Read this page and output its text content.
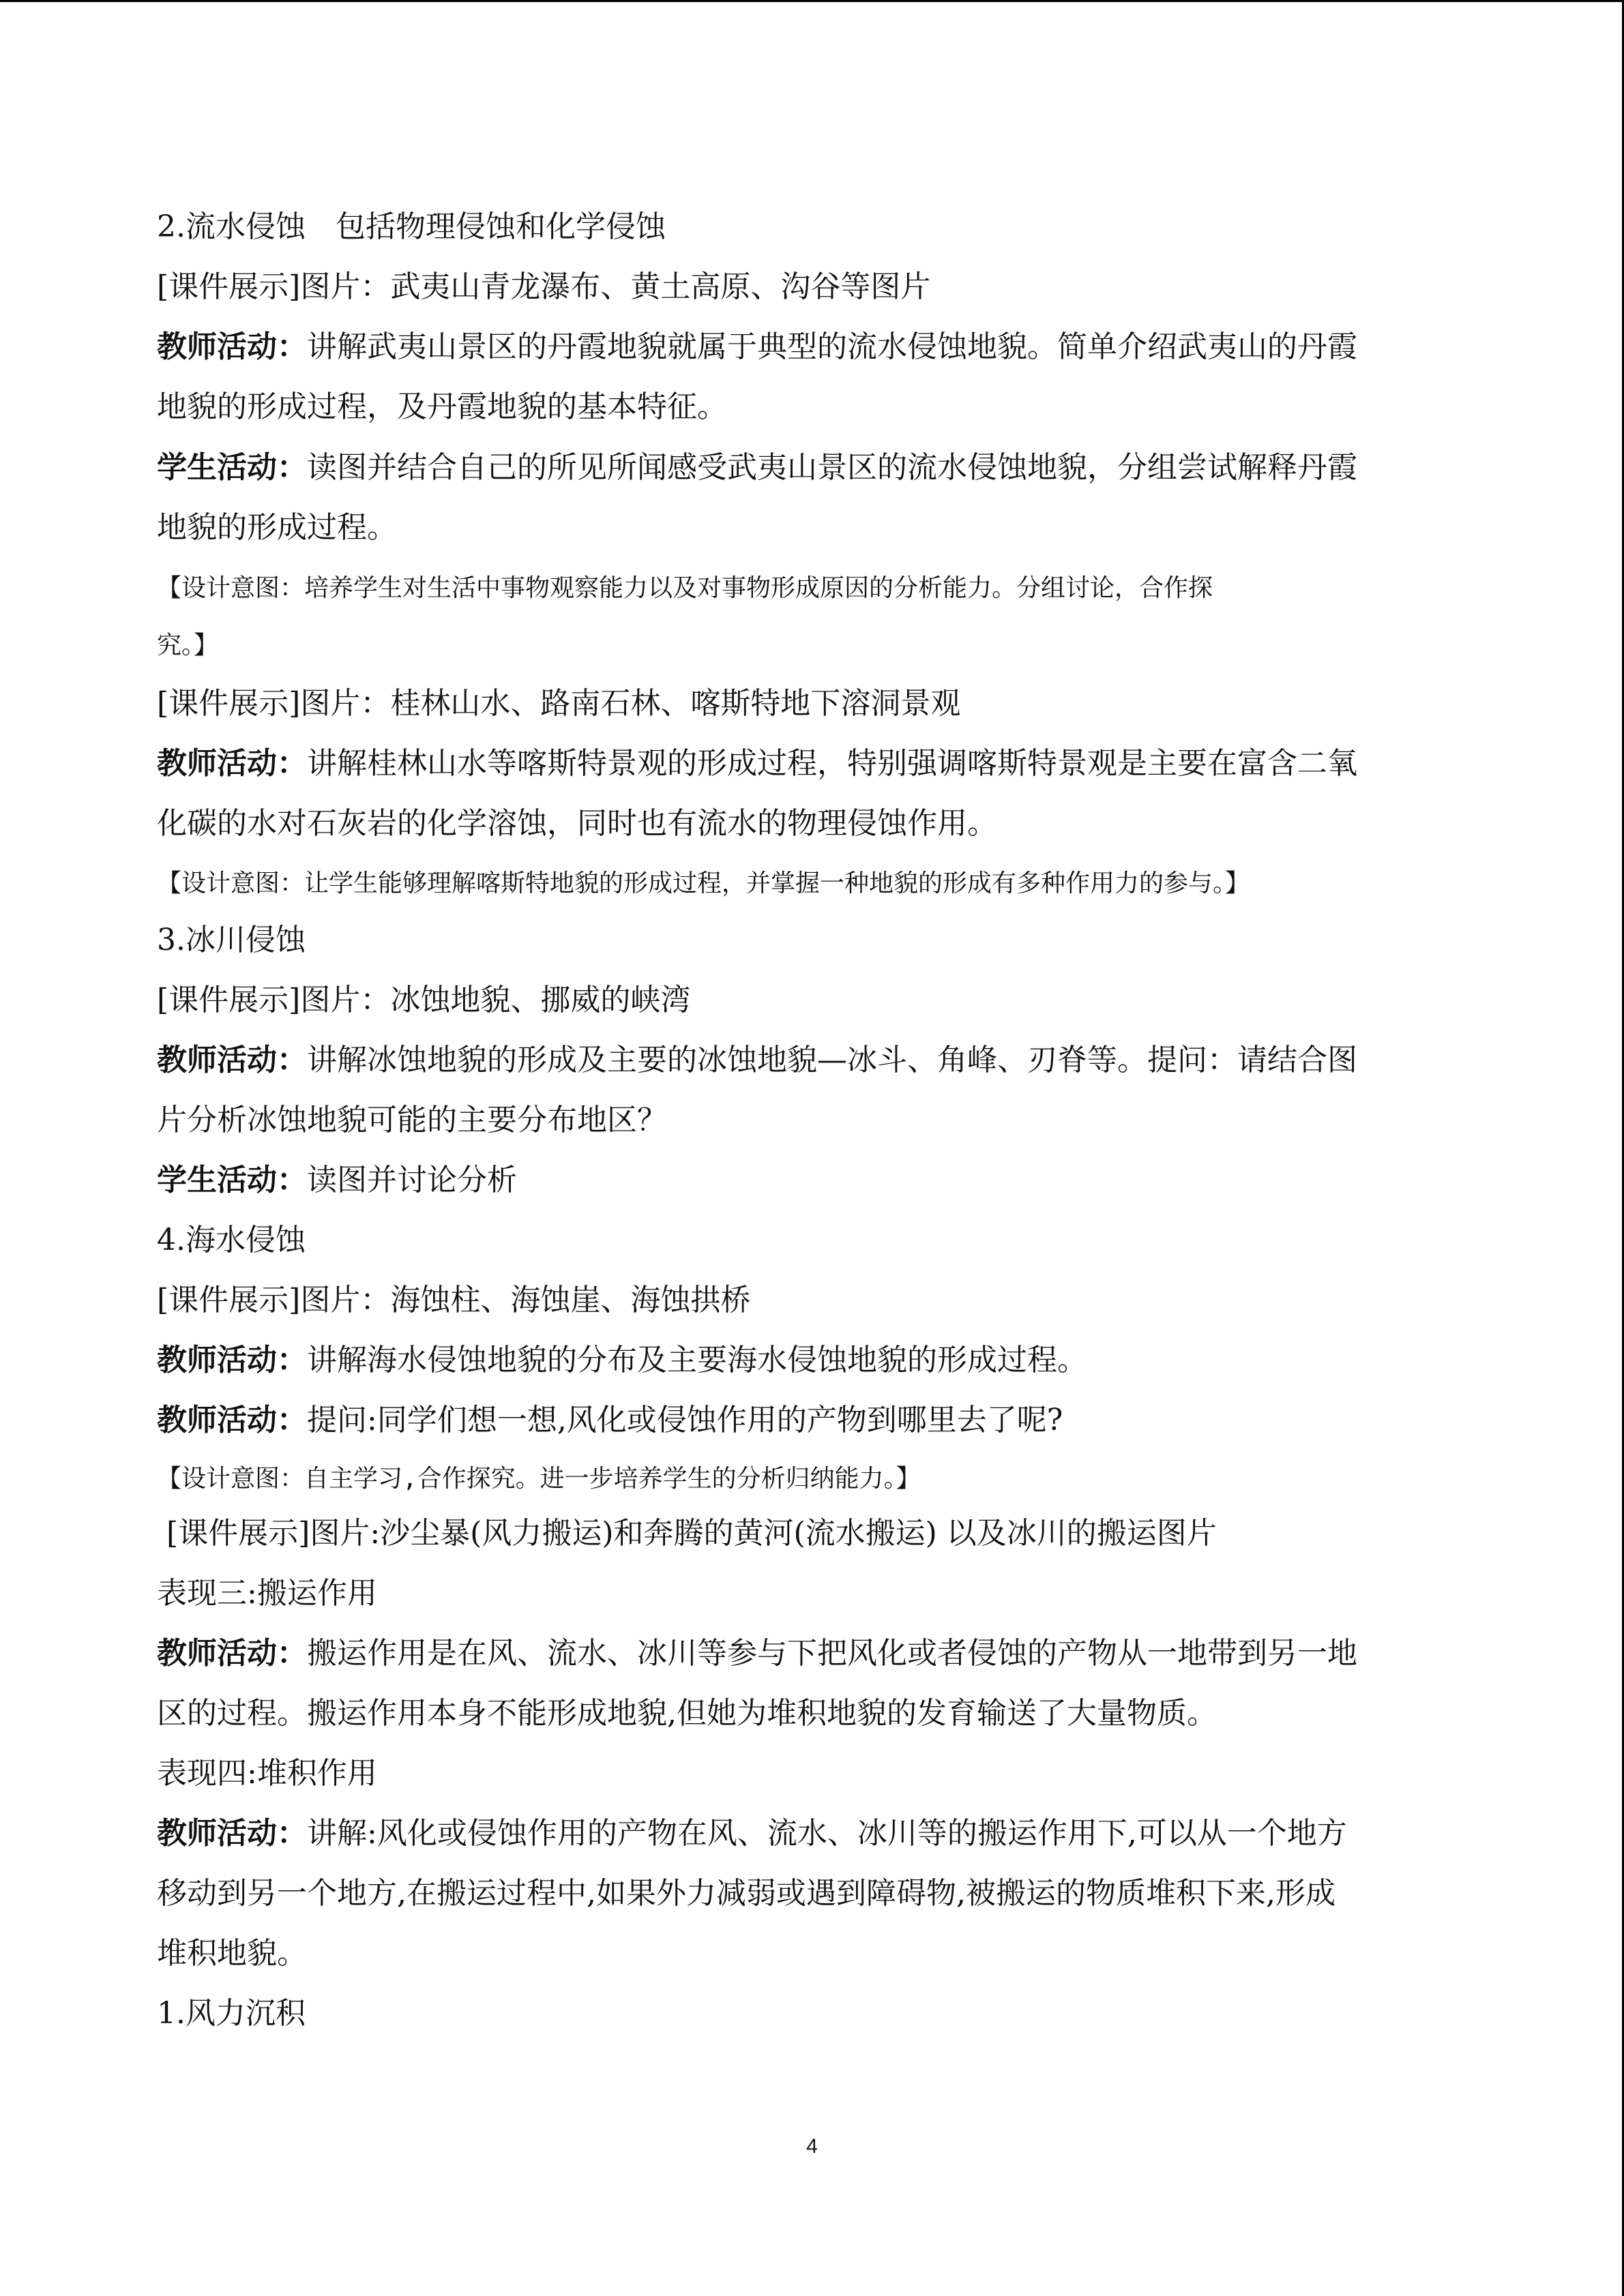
2.流水侵蚀　包括物理侵蚀和化学侵蚀
[课件展示]图片：武夷山青龙瀑布、黄土高原、沟谷等图片
教师活动：讲解武夷山景区的丹霞地貌就属于典型的流水侵蚀地貌。简单介绍武夷山的丹霞
地貌的形成过程，及丹霞地貌的基本特征。
学生活动：读图并结合自己的所见所闻感受武夷山景区的流水侵蚀地貌，分组尝试解释丹霞
地貌的形成过程。
【设计意图：培养学生对生活中事物观察能力以及对事物形成原因的分析能力。分组讨论，合作探
究。】
[课件展示]图片：桂林山水、路南石林、喀斯特地下溶洞景观
教师活动：讲解桂林山水等喀斯特景观的形成过程，特别强调喀斯特景观是主要在富含二氧
化碳的水对石灰岩的化学溶蚀，同时也有流水的物理侵蚀作用。
【设计意图：让学生能够理解喀斯特地貌的形成过程，并掌握一种地貌的形成有多种作用力的参与。】
3.冰川侵蚀
[课件展示]图片：冰蚀地貌、挪威的峡湾
教师活动：讲解冰蚀地貌的形成及主要的冰蚀地貌—冰斗、角峰、刃脊等。提问：请结合图
片分析冰蚀地貌可能的主要分布地区？
学生活动：读图并讨论分析
4.海水侵蚀
[课件展示]图片：海蚀柱、海蚀崖、海蚀拱桥
教师活动：讲解海水侵蚀地貌的分布及主要海水侵蚀地貌的形成过程。
教师活动：提问:同学们想一想,风化或侵蚀作用的产物到哪里去了呢?
【设计意图：自主学习,合作探究。进一步培养学生的分析归纳能力。】
[课件展示]图片:沙尘暴(风力搬运)和奔腾的黄河(流水搬运) 以及冰川的搬运图片
表现三:搬运作用
教师活动：搬运作用是在风、流水、冰川等参与下把风化或者侵蚀的产物从一地带到另一地
区的过程。搬运作用本身不能形成地貌,但她为堆积地貌的发育输送了大量物质。
表现四:堆积作用
教师活动：讲解:风化或侵蚀作用的产物在风、流水、冰川等的搬运作用下,可以从一个地方
移动到另一个地方,在搬运过程中,如果外力减弱或遇到障碍物,被搬运的物质堆积下来,形成
堆积地貌。
1.风力沉积
4
